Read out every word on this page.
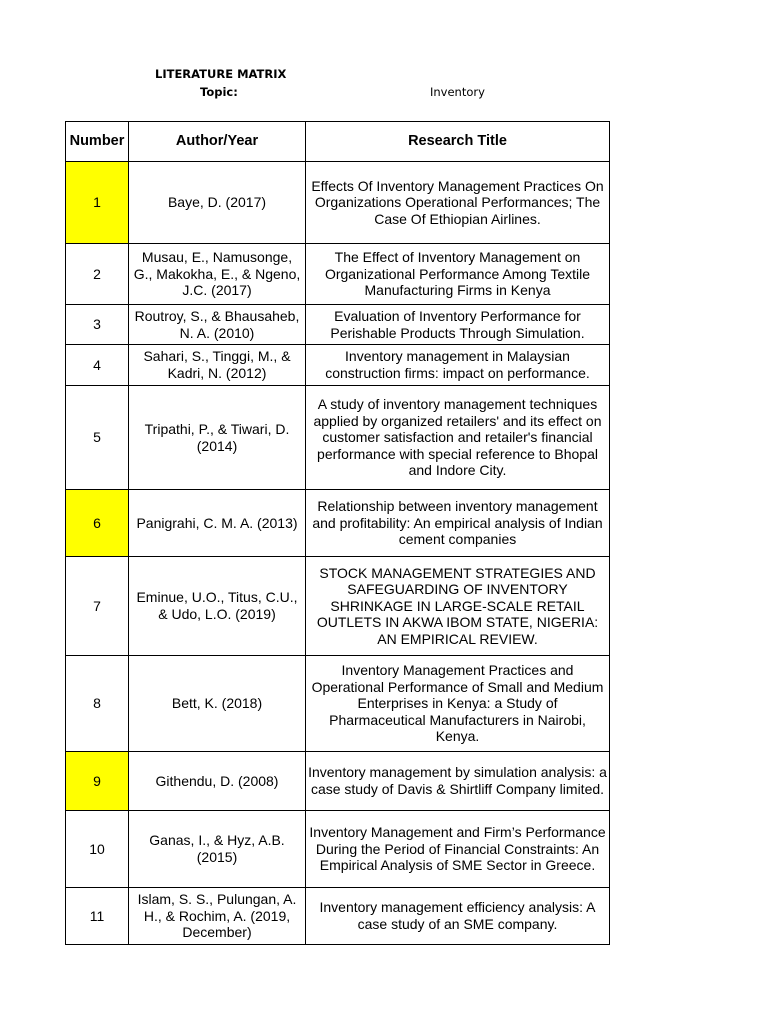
LITERATURE MATRIX
Topic:	Inventory
Number	Author/Year	Research Title
1	Baye, D. (2017)	Effects Of Inventory Management Practices On Organizations Operational Performances; The Case Of Ethiopian Airlines.
2	Musau, E., Namusonge, G., Makokha, E., & Ngeno, J.C. (2017)	The Effect of Inventory Management on Organizational Performance Among Textile Manufacturing Firms in Kenya
3	Routroy, S., & Bhausaheb, N. A. (2010)	Evaluation of Inventory Performance for Perishable Products Through Simulation.
4	Sahari, S., Tinggi, M., & Kadri, N. (2012)	Inventory management in Malaysian construction firms: impact on performance.
5	Tripathi, P., & Tiwari, D. (2014)	A study of inventory management techniques applied by organized retailers' and its effect on customer satisfaction and retailer's financial performance with special reference to Bhopal and Indore City.
6	Panigrahi, C. M. A. (2013)	Relationship between inventory management and profitability: An empirical analysis of Indian cement companies
7	Eminue, U.O., Titus, C.U., & Udo, L.O. (2019)	STOCK MANAGEMENT STRATEGIES AND SAFEGUARDING OF INVENTORY SHRINKAGE IN LARGE-SCALE RETAIL OUTLETS IN AKWA IBOM STATE, NIGERIA: AN EMPIRICAL REVIEW.
8	Bett, K. (2018)	Inventory Management Practices and Operational Performance of Small and Medium Enterprises in Kenya: a Study of Pharmaceutical Manufacturers in Nairobi, Kenya.
9	Githendu, D. (2008)	Inventory management by simulation analysis: a case study of Davis & Shirtliff Company limited.
10	Ganas, I., & Hyz, A.B. (2015)	Inventory Management and Firm’s Performance During the Period of Financial Constraints: An Empirical Analysis of SME Sector in Greece.
11	Islam, S. S., Pulungan, A. H., & Rochim, A. (2019, December)	Inventory management efficiency analysis: A case study of an SME company.
